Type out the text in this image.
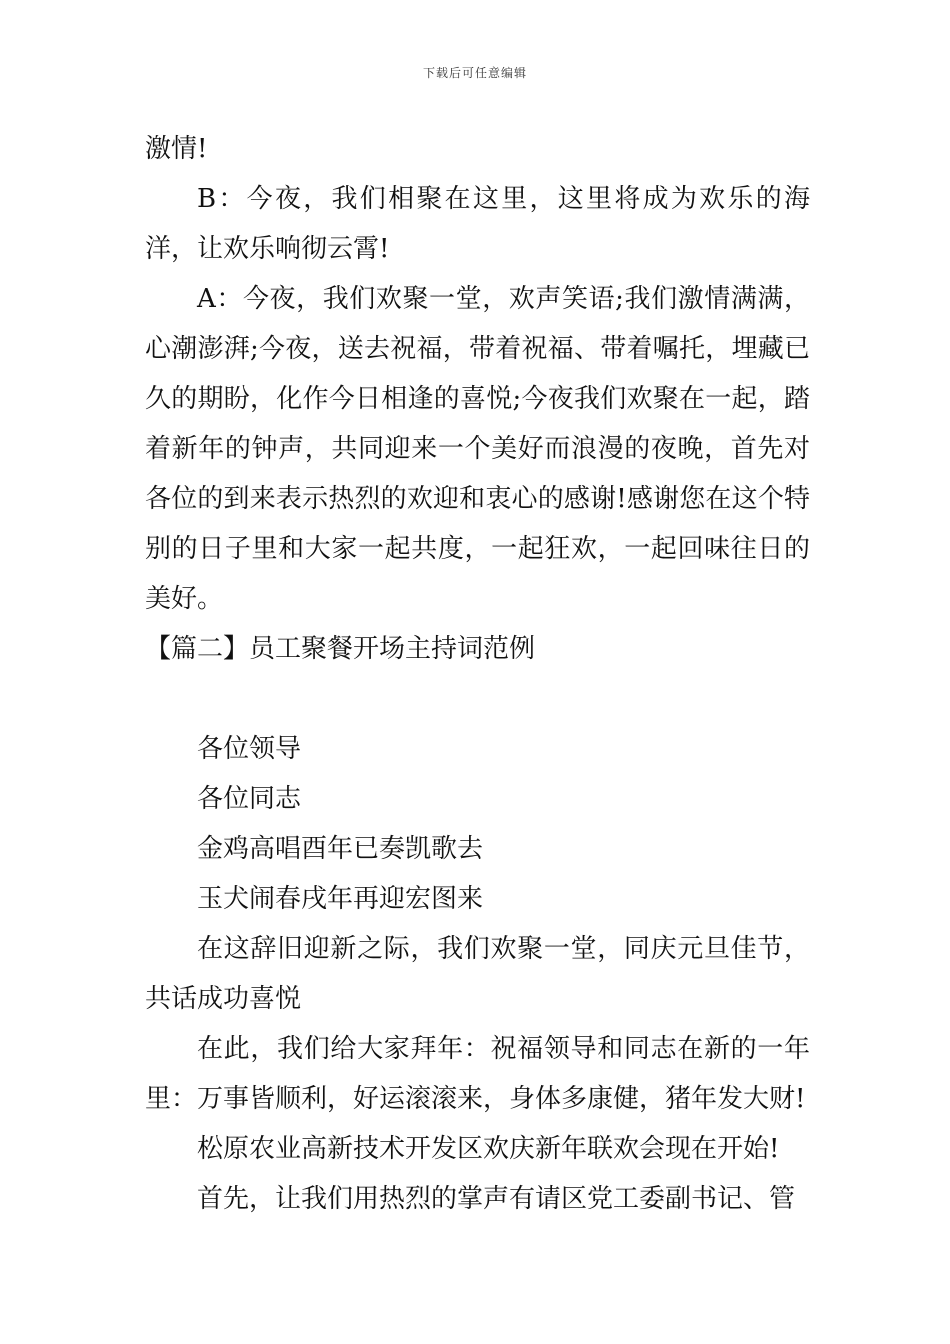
下载后可任意编辑

激情!

B：今夜，我们相聚在这里，这里将成为欢乐的海洋，让欢乐响彻云霄!

A：今夜，我们欢聚一堂，欢声笑语;我们激情满满，心潮澎湃;今夜，送去祝福，带着祝福、带着嘱托，埋藏已久的期盼，化作今日相逢的喜悦;今夜我们欢聚在一起，踏着新年的钟声，共同迎来一个美好而浪漫的夜晚，首先对各位的到来表示热烈的欢迎和衷心的感谢!感谢您在这个特别的日子里和大家一起共度，一起狂欢，一起回味往日的美好。

【篇二】员工聚餐开场主持词范例

各位领导

各位同志

金鸡高唱酉年已奏凯歌去

玉犬闹春戌年再迎宏图来

在这辞旧迎新之际，我们欢聚一堂，同庆元旦佳节，共话成功喜悦

在此，我们给大家拜年：祝福领导和同志在新的一年里：万事皆顺利，好运滚滚来，身体多康健，猪年发大财!

松原农业高新技术开发区欢庆新年联欢会现在开始!

首先，让我们用热烈的掌声有请区党工委副书记、管
